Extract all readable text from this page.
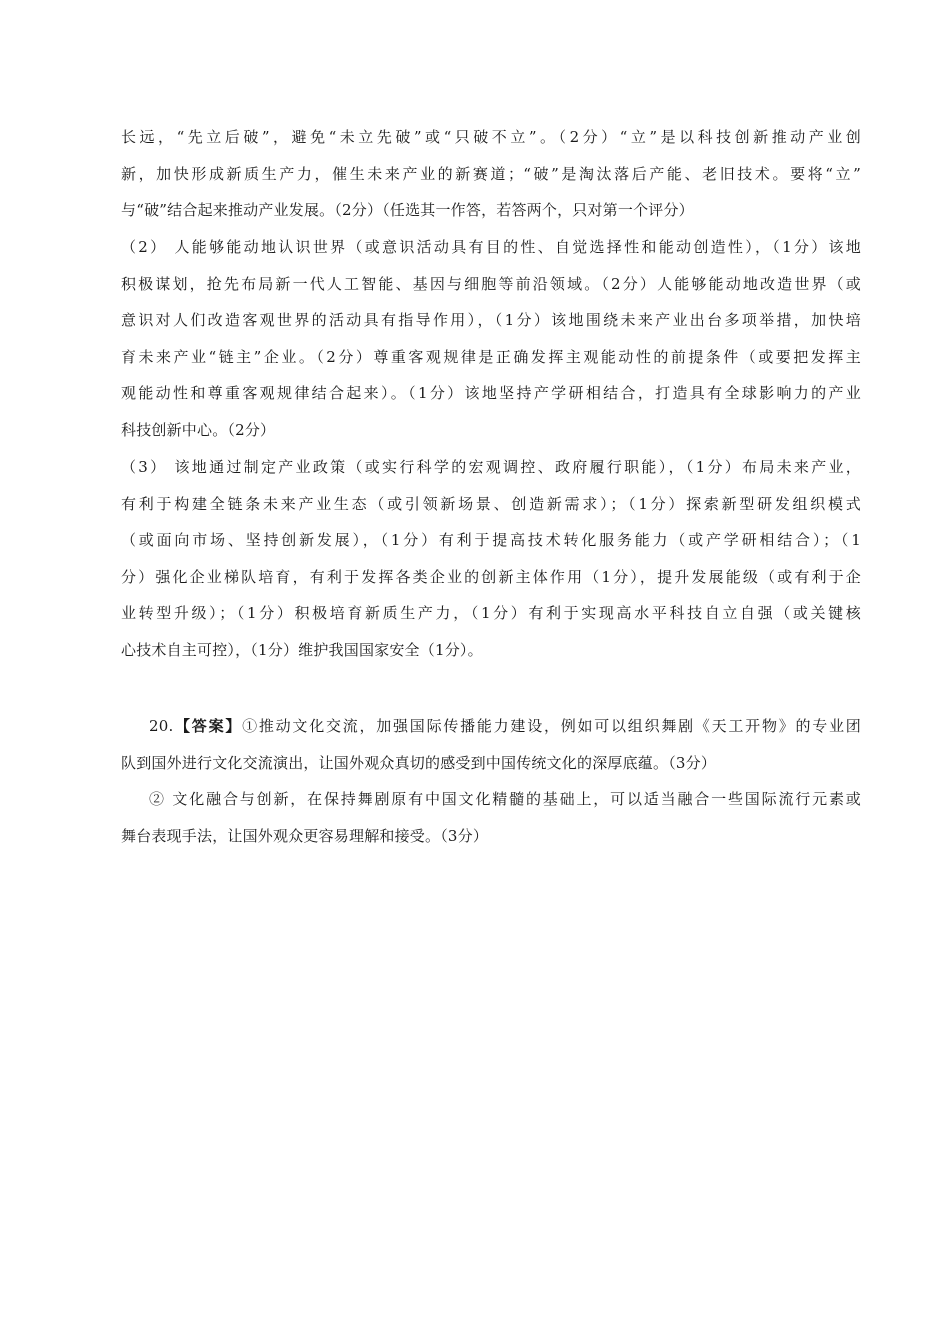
长远，“先立后破”，避免“未立先破”或“只破不立”。（2分）“立”是以科技创新推动产业创
新，加快形成新质生产力，催生未来产业的新赛道；“破”是淘汰落后产能、老旧技术。要将“立”
与“破”结合起来推动产业发展。（2分）（任选其一作答，若答两个，只对第一个评分）
（2） 人能够能动地认识世界（或意识活动具有目的性、自觉选择性和能动创造性），（1分）该地
积极谋划，抢先布局新一代人工智能、基因与细胞等前沿领域。（2分）人能够能动地改造世界（或
意识对人们改造客观世界的活动具有指导作用），（1分）该地围绕未来产业出台多项举措，加快培
育未来产业“链主”企业。（2分）尊重客观规律是正确发挥主观能动性的前提条件（或要把发挥主
观能动性和尊重客观规律结合起来）。（1分）该地坚持产学研相结合，打造具有全球影响力的产业
科技创新中心。（2分）
（3） 该地通过制定产业政策（或实行科学的宏观调控、政府履行职能），（1分）布局未来产业，
有利于构建全链条未来产业生态（或引领新场景、创造新需求）；（1分）探索新型研发组织模式
（或面向市场、坚持创新发展），（1分）有利于提高技术转化服务能力（或产学研相结合）；（1
分）强化企业梯队培育，有利于发挥各类企业的创新主体作用（1分），提升发展能级（或有利于企
业转型升级）；（1分）积极培育新质生产力，（1分）有利于实现高水平科技自立自强（或关键核
心技术自主可控），（1分）维护我国国家安全（1分）。
20.【答案】①推动文化交流，加强国际传播能力建设，例如可以组织舞剧《天工开物》的专业团
队到国外进行文化交流演出，让国外观众真切的感受到中国传统文化的深厚底蕴。（3分）
② 文化融合与创新，在保持舞剧原有中国文化精髓的基础上，可以适当融合一些国际流行元素或
舞台表现手法，让国外观众更容易理解和接受。（3分）
